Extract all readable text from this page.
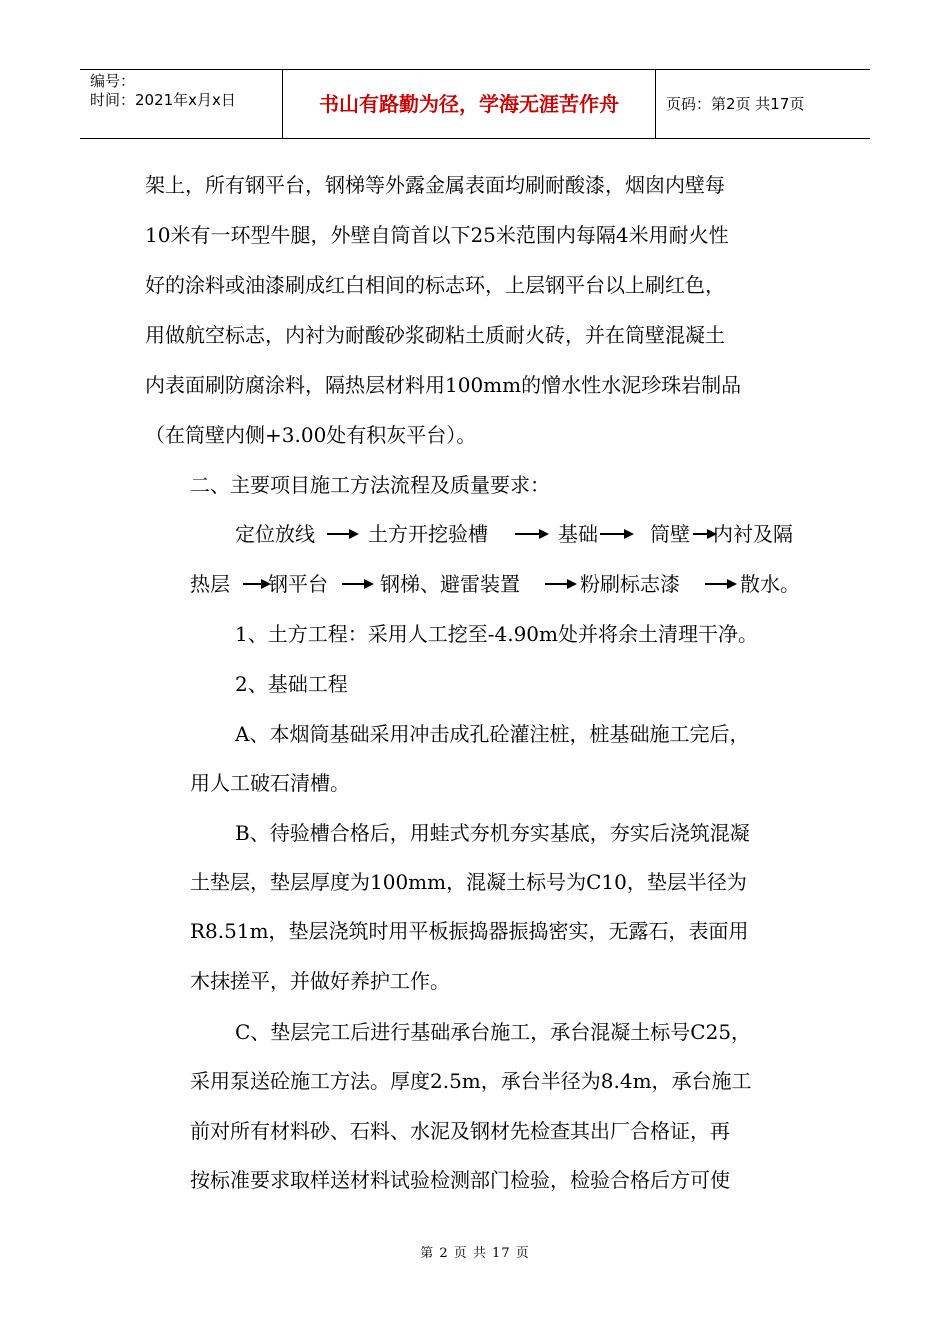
编号：
时间：2021年x月x日	书山有路勤为径，学海无涯苦作舟	页码：第2页 共17页
架上，所有钢平台，钢梯等外露金属表面均刷耐酸漆，烟囱内壁每
10米有一环型牛腿，外壁自筒首以下25米范围内每隔4米用耐火性
好的涂料或油漆刷成红白相间的标志环，上层钢平台以上刷红色，
用做航空标志，内衬为耐酸砂浆砌粘土质耐火砖，并在筒壁混凝土
内表面刷防腐涂料，隔热层材料用100mm的憎水性水泥珍珠岩制品
（在筒壁内侧+3.00处有积灰平台）。
二、主要项目施工方法流程及质量要求：
定位放线	土方开挖验槽	基础	筒壁 内衬及隔
热层 钢平台	钢梯、避雷装置	粉刷标志漆	散水。
1、土方工程：采用人工挖至-4.90m处并将余土清理干净。
2、基础工程
A、本烟筒基础采用冲击成孔砼灌注桩，桩基础施工完后，
用人工破石清槽。
B、待验槽合格后，用蛙式夯机夯实基底，夯实后浇筑混凝
土垫层，垫层厚度为100mm，混凝土标号为C10，垫层半径为
R8.51m，垫层浇筑时用平板振捣器振捣密实，无露石，表面用
木抹搓平，并做好养护工作。
C、垫层完工后进行基础承台施工，承台混凝土标号C25，
采用泵送砼施工方法。厚度2.5m，承台半径为8.4m，承台施工
前对所有材料砂、石料、水泥及钢材先检查其出厂合格证，再
按标准要求取样送材料试验检测部门检验，检验合格后方可使
第 2 页 共 17 页
